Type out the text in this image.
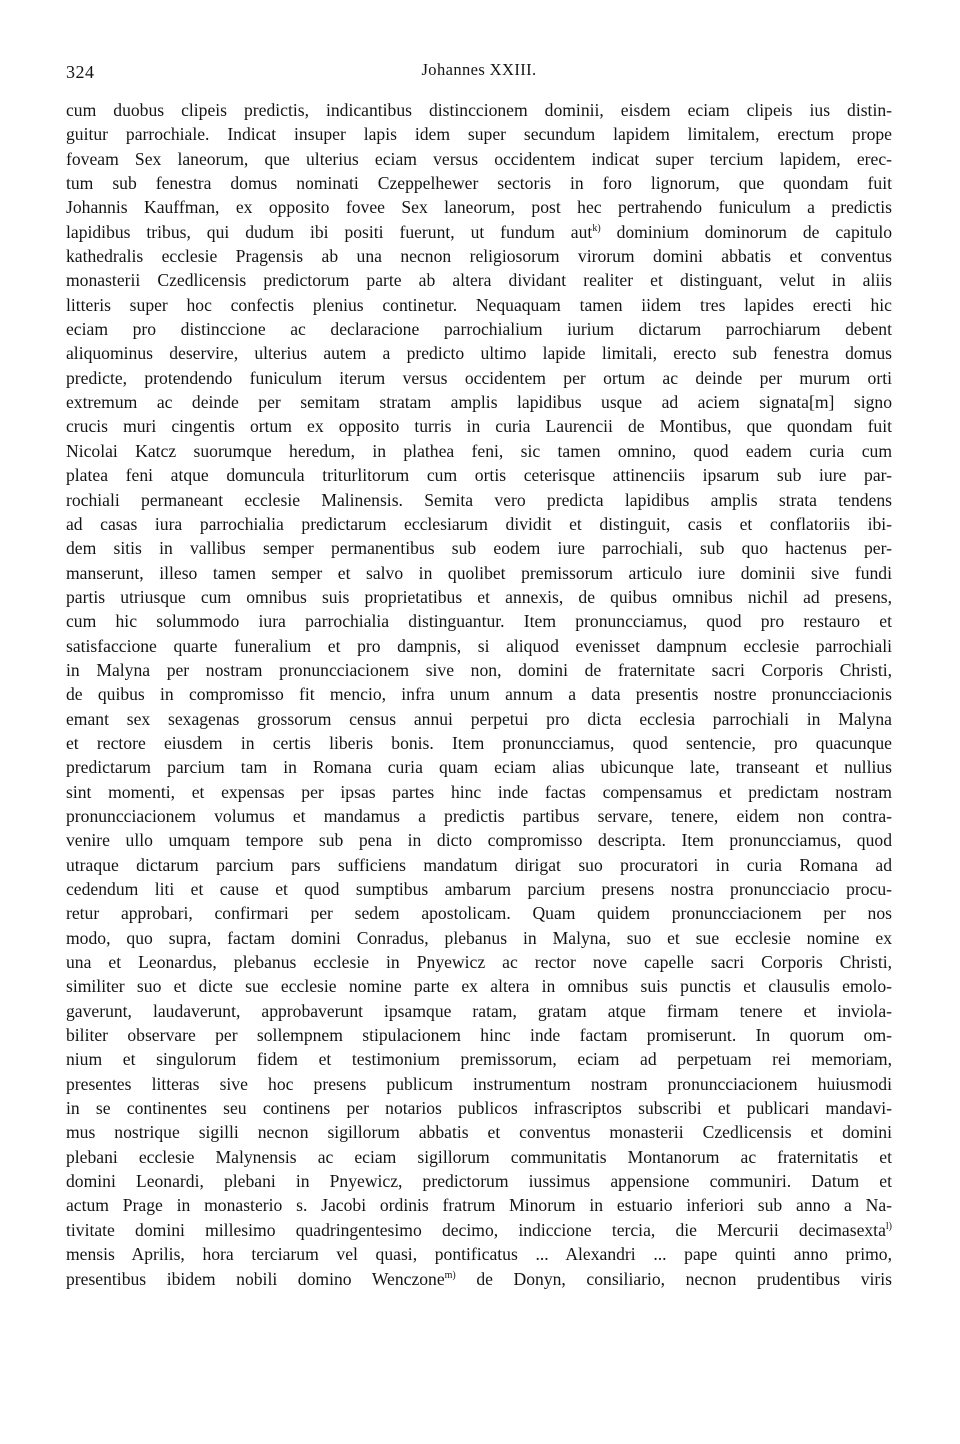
324	Johannes XXIII.
cum duobus clipeis predictis, indicantibus distinccionem dominii, eisdem eciam clipeis ius distin-
guitur parrochiale. Indicat insuper lapis idem super secundum lapidem limitalem, erectum prope
foveam Sex laneorum, que ulterius eciam versus occidentem indicat super tercium lapidem, erec-
tum sub fenestra domus nominati Czeppelhewer sectoris in foro lignorum, que quondam fuit
Johannis Kauffman, ex opposito fovee Sex laneorum, post hec pertrahendo funiculum a predictis
lapidibus tribus, qui dudum ibi positi fuerunt, ut fundum aut$^{k)}$ dominium dominorum de capitulo
kathedralis ecclesie Pragensis ab una necnon religiosorum virorum domini abbatis et conventus
monasterii Czedlicensis predictorum parte ab altera dividant realiter et distinguant, velut in aliis
litteris super hoc confectis plenius continetur. Nequaquam tamen iidem tres lapides erecti hic
eciam pro distinccione ac declaracione parrochialium iurium dictarum parrochiarum debent
aliquominus deservire, ulterius autem a predicto ultimo lapide limitali, erecto sub fenestra domus
predicte, protendendo funiculum iterum versus occidentem per ortum ac deinde per murum orti
extremum ac deinde per semitam stratam amplis lapidibus usque ad aciem signata[m] signo
crucis muri cingentis ortum ex opposito turris in curia Laurencii de Montibus, que quondam fuit
Nicolai Katcz suorumque heredum, in plathea feni, sic tamen omnino, quod eadem curia cum
platea feni atque domuncula triturlitorum cum ortis ceterisque attinenciis ipsarum sub iure par-
rochiali permaneant ecclesie Malinensis. Semita vero predicta lapidibus amplis strata tendens
ad casas iura parrochialia predictarum ecclesiarum dividit et distinguit, casis et conflatoriis ibi-
dem sitis in vallibus semper permanentibus sub eodem iure parrochiali, sub quo hactenus per-
manserunt, illeso tamen semper et salvo in quolibet premissorum articulo iure dominii sive fundi
partis utriusque cum omnibus suis proprietatibus et annexis, de quibus omnibus nichil ad presens,
cum hic solummodo iura parrochialia distinguantur. Item pronuncciamus, quod pro restauro et
satisfaccione quarte funeralium et pro dampnis, si aliquod evenisset dampnum ecclesie parrochiali
in Malyna per nostram pronuncciacionem sive non, domini de fraternitate sacri Corporis Christi,
de quibus in compromisso fit mencio, infra unum annum a data presentis nostre pronuncciacionis
emant sex sexagenas grossorum census annui perpetui pro dicta ecclesia parrochiali in Malyna
et rectore eiusdem in certis liberis bonis. Item pronuncciamus, quod sentencie, pro quacunque
predictarum parcium tam in Romana curia quam eciam alias ubicunque late, transeant et nullius
sint momenti, et expensas per ipsas partes hinc inde factas compensamus et predictam nostram
pronuncciacionem volumus et mandamus a predictis partibus servare, tenere, eidem non contra-
venire ullo umquam tempore sub pena in dicto compromisso descripta. Item pronuncciamus, quod
utraque dictarum parcium pars sufficiens mandatum dirigat suo procuratori in curia Romana ad
cedendum liti et cause et quod sumptibus ambarum parcium presens nostra pronuncciacio procu-
retur approbari, confirmari per sedem apostolicam. Quam quidem pronuncciacionem per nos
modo, quo supra, factam domini Conradus, plebanus in Malyna, suo et sue ecclesie nomine ex
una et Leonardus, plebanus ecclesie in Pnyewicz ac rector nove capelle sacri Corporis Christi,
similiter suo et dicte sue ecclesie nomine parte ex altera in omnibus suis punctis et clausulis emolo-
gaverunt, laudaverunt, approbaverunt ipsamque ratam, gratam atque firmam tenere et inviola-
biliter observare per sollempnem stipulacionem hinc inde factam promiserunt. In quorum om-
nium et singulorum fidem et testimonium premissorum, eciam ad perpetuam rei memoriam,
presentes litteras sive hoc presens publicum instrumentum nostram pronuncciacionem huiusmodi
in se continentes seu continens per notarios publicos infrascriptos subscribi et publicari mandavi-
mus nostrique sigilli necnon sigillorum abbatis et conventus monasterii Czedlicensis et domini
plebani ecclesie Malynensis ac eciam sigillorum communitatis Montanorum ac fraternitatis et
domini Leonardi, plebani in Pnyewicz, predictorum iussimus appensione communiri. Datum et
actum Prage in monasterio s. Jacobi ordinis fratrum Minorum in estuario inferiori sub anno a Na-
tivitate domini millesimo quadringentesimo decimo, indiccione tercia, die Mercurii decimasexta$^{l)}$
mensis Aprilis, hora terciarum vel quasi, pontificatus ... Alexandri ... pape quinti anno primo,
presentibus ibidem nobili domino Wenczone$^{m)}$ de Donyn, consiliario, necnon prudentibus viris
